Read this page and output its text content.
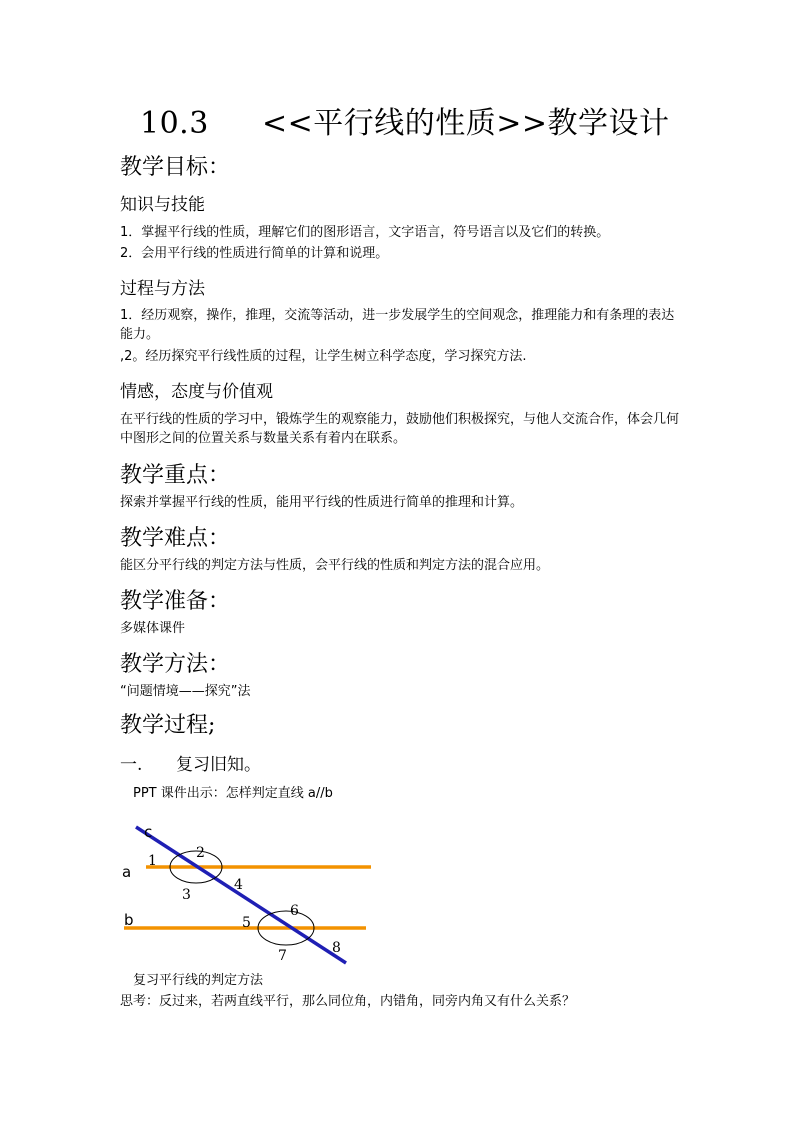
10.3 <<平行线的性质>>教学设计
教学目标：
知识与技能
1．掌握平行线的性质，理解它们的图形语言，文字语言，符号语言以及它们的转换。
2．会用平行线的性质进行简单的计算和说理。
过程与方法
1．经历观察，操作，推理，交流等活动，进一步发展学生的空间观念，推理能力和有条理的表达能力。
,2。经历探究平行线性质的过程，让学生树立科学态度，学习探究方法.
情感，态度与价值观
在平行线的性质的学习中，锻炼学生的观察能力，鼓励他们积极探究，与他人交流合作，体会几何中图形之间的位置关系与数量关系有着内在联系。
教学重点：
探索并掌握平行线的性质，能用平行线的性质进行简单的推理和计算。
教学难点：
能区分平行线的判定方法与性质，会平行线的性质和判定方法的混合应用。
教学准备：
多媒体课件
教学方法：
“问题情境——探究”法
教学过程;
一. 复习旧知。
PPT 课件出示：怎样判定直线 a//b
a
b
c
1	2
3
4
5
6
7	8
复习平行线的判定方法
思考：反过来，若两直线平行，那么同位角，内错角，同旁内角又有什么关系？
